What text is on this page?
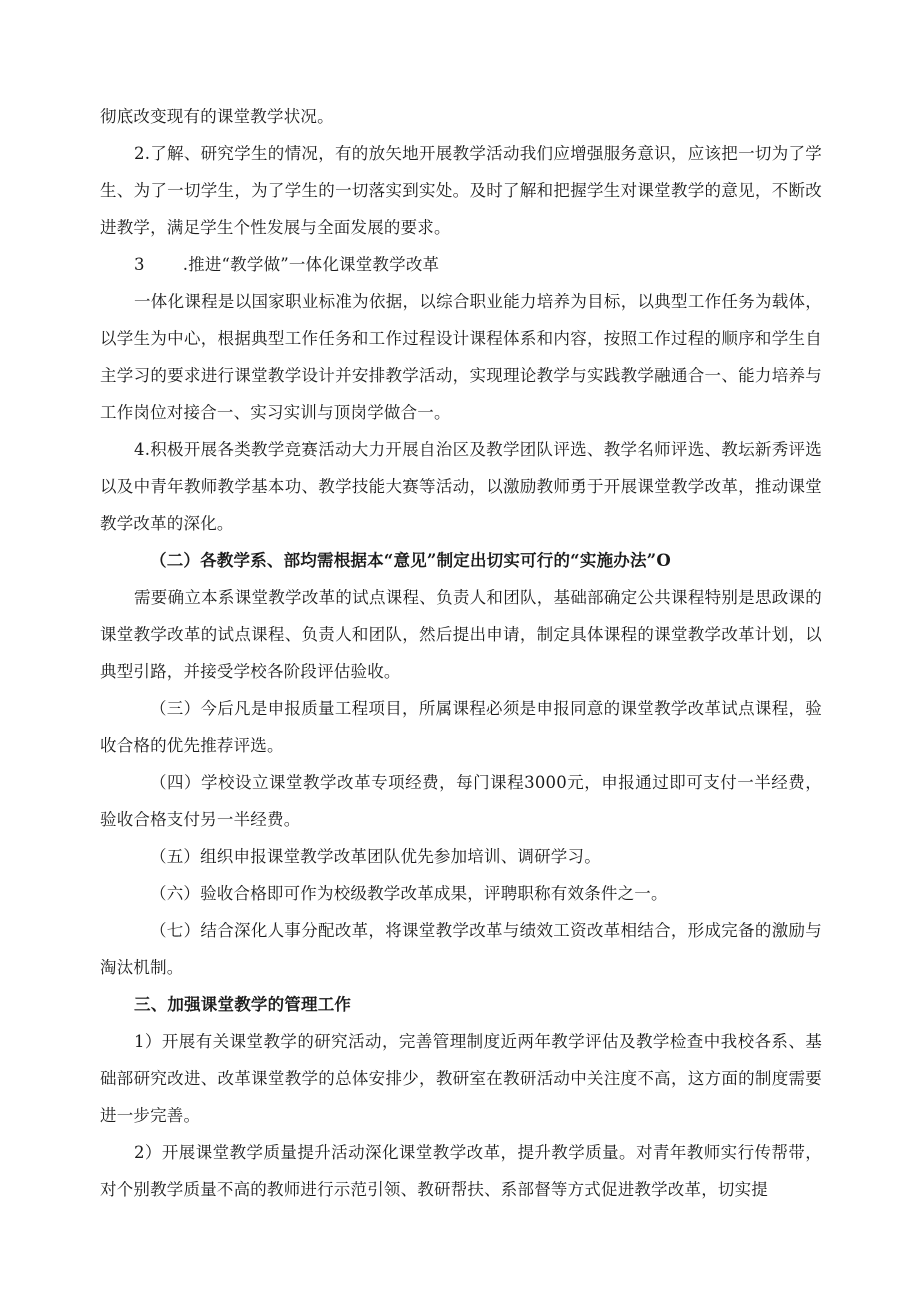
彻底改变现有的课堂教学状况。

2.了解、研究学生的情况，有的放矢地开展教学活动我们应增强服务意识，应该把一切为了学生、为了一切学生，为了学生的一切落实到实处。及时了解和把握学生对课堂教学的意见，不断改进教学，满足学生个性发展与全面发展的要求。

3 .推进“教学做”一体化课堂教学改革

一体化课程是以国家职业标准为依据，以综合职业能力培养为目标，以典型工作任务为载体，以学生为中心，根据典型工作任务和工作过程设计课程体系和内容，按照工作过程的顺序和学生自主学习的要求进行课堂教学设计并安排教学活动，实现理论教学与实践教学融通合一、能力培养与工作岗位对接合一、实习实训与顶岗学做合一。

4.积极开展各类教学竞赛活动大力开展自治区及教学团队评选、教学名师评选、教坛新秀评选以及中青年教师教学基本功、教学技能大赛等活动，以激励教师勇于开展课堂教学改革，推动课堂教学改革的深化。

（二）各教学系、部均需根据本“意见”制定出切实可行的“实施办法”O

需要确立本系课堂教学改革的试点课程、负责人和团队，基础部确定公共课程特别是思政课的课堂教学改革的试点课程、负责人和团队，然后提出申请，制定具体课程的课堂教学改革计划，以典型引路，并接受学校各阶段评估验收。

（三）今后凡是申报质量工程项目，所属课程必须是申报同意的课堂教学改革试点课程，验收合格的优先推荐评选。

（四）学校设立课堂教学改革专项经费，每门课程3000元，申报通过即可支付一半经费，验收合格支付另一半经费。

（五）组织申报课堂教学改革团队优先参加培训、调研学习。

（六）验收合格即可作为校级教学改革成果，评聘职称有效条件之一。

（七）结合深化人事分配改革，将课堂教学改革与绩效工资改革相结合，形成完备的激励与淘汰机制。

三、加强课堂教学的管理工作

1）开展有关课堂教学的研究活动，完善管理制度近两年教学评估及教学检查中我校各系、基础部研究改进、改革课堂教学的总体安排少，教研室在教研活动中关注度不高，这方面的制度需要进一步完善。

2）开展课堂教学质量提升活动深化课堂教学改革，提升教学质量。对青年教师实行传帮带，对个别教学质量不高的教师进行示范引领、教研帮扶、系部督等方式促进教学改革，切实提
